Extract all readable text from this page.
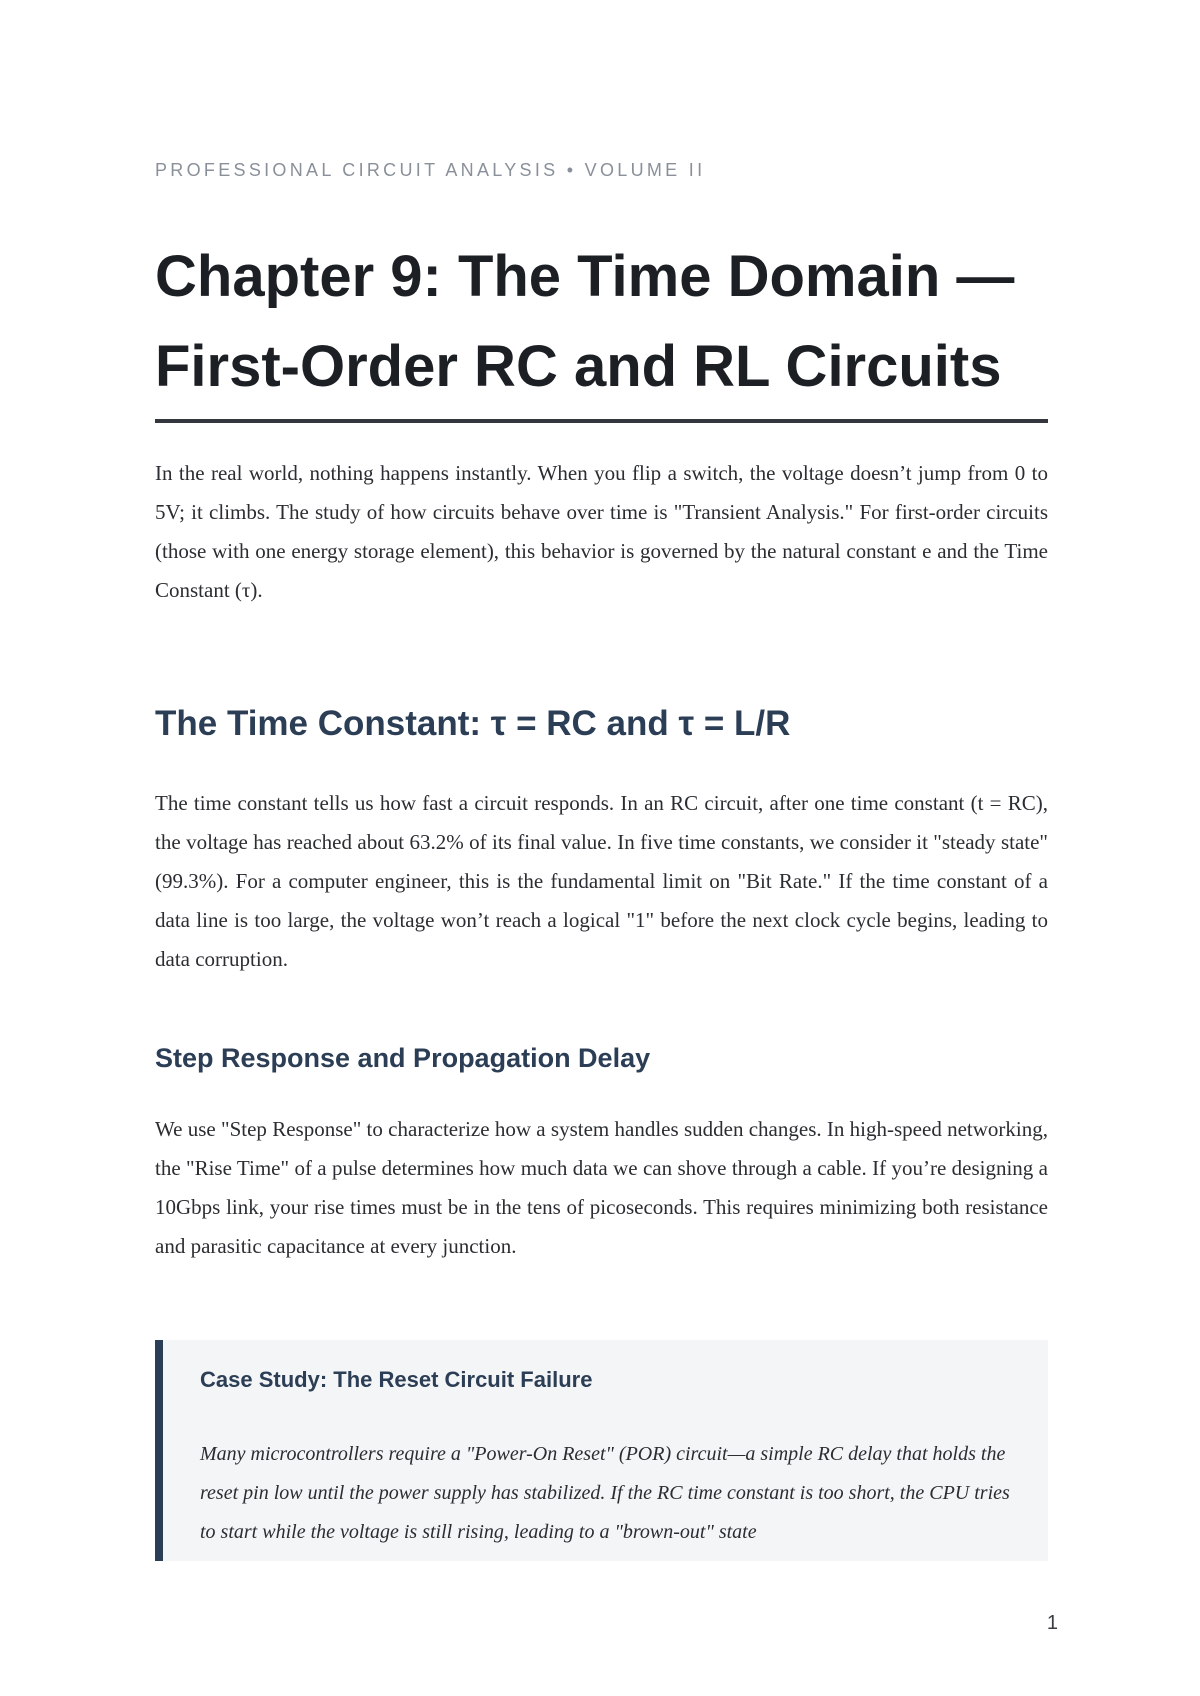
PROFESSIONAL CIRCUIT ANALYSIS • VOLUME II
Chapter 9: The Time Domain — First-Order RC and RL Circuits

In the real world, nothing happens instantly. When you flip a switch, the voltage doesn’t jump from 0 to 5V; it climbs. The study of how circuits behave over time is "Transient Analysis." For first-order circuits (those with one energy storage element), this behavior is governed by the natural constant e and the Time Constant (τ).

The Time Constant: τ = RC and τ = L/R

The time constant tells us how fast a circuit responds. In an RC circuit, after one time constant (t = RC), the voltage has reached about 63.2% of its final value. In five time constants, we consider it "steady state" (99.3%). For a computer engineer, this is the fundamental limit on "Bit Rate." If the time constant of a data line is too large, the voltage won’t reach a logical "1" before the next clock cycle begins, leading to data corruption.

Step Response and Propagation Delay

We use "Step Response" to characterize how a system handles sudden changes. In high-speed networking, the "Rise Time" of a pulse determines how much data we can shove through a cable. If you’re designing a 10Gbps link, your rise times must be in the tens of picoseconds. This requires minimizing both resistance and parasitic capacitance at every junction.

Case Study: The Reset Circuit Failure

Many microcontrollers require a "Power-On Reset" (POR) circuit—a simple RC delay that holds the reset pin low until the power supply has stabilized. If the RC time constant is too short, the CPU tries to start while the voltage is still rising, leading to a "brown-out" state

1
